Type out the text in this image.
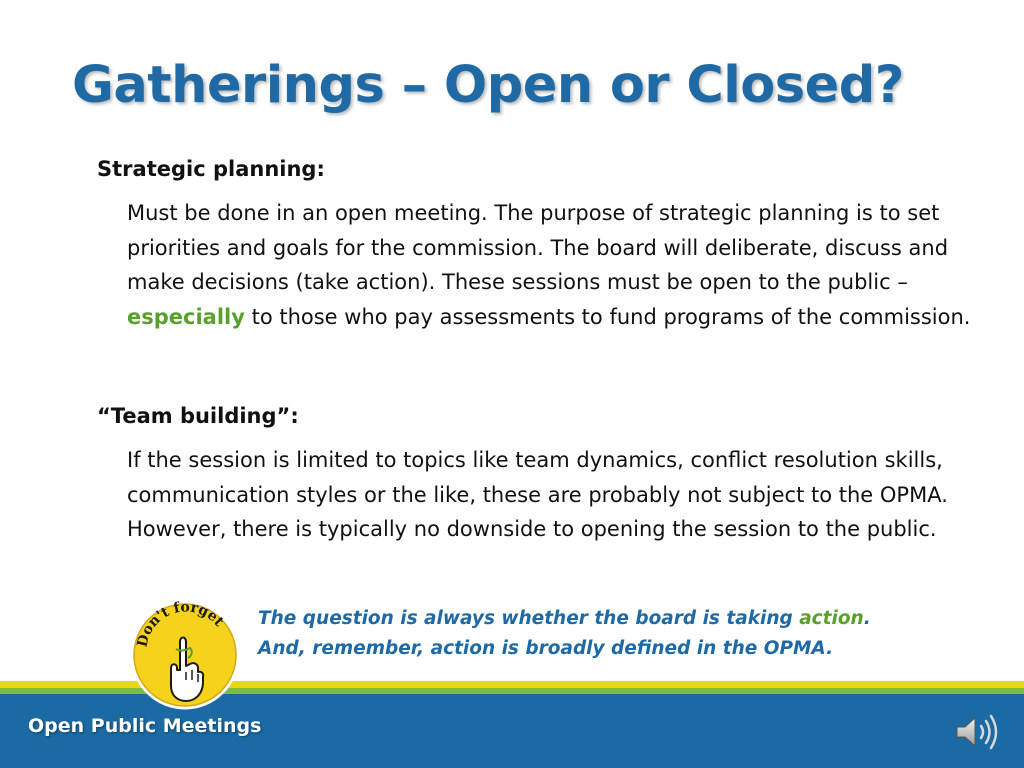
Gatherings – Open or Closed?
Strategic planning:

Must be done in an open meeting. The purpose of strategic planning is to set priorities and goals for the commission. The board will deliberate, discuss and make decisions (take action). These sessions must be open to the public – especially to those who pay assessments to fund programs of the commission.

“Team building”:

If the session is limited to topics like team dynamics, conflict resolution skills, communication styles or the like, these are probably not subject to the OPMA. However, there is typically no downside to opening the session to the public.

The question is always whether the board is taking action.
And, remember, action is broadly defined in the OPMA.

Don't forget
Open Public Meetings
